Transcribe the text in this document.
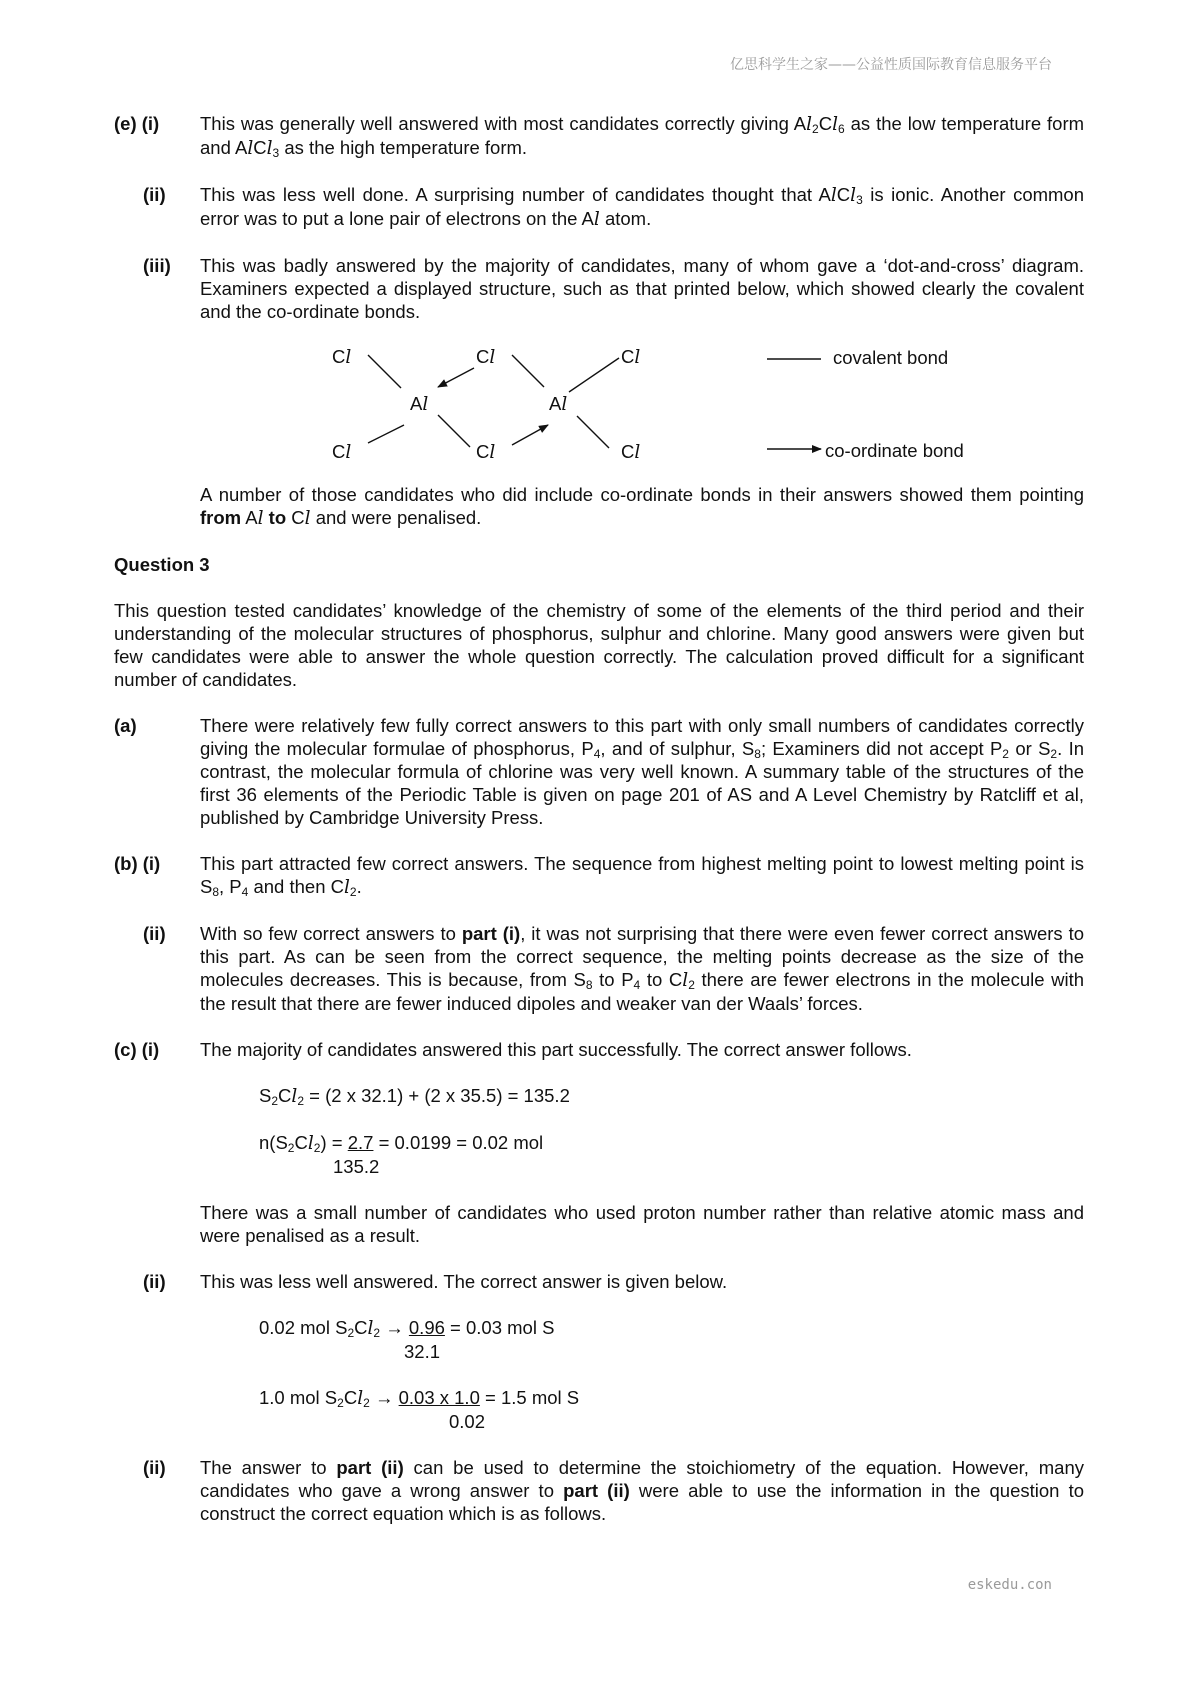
亿思科学生之家——公益性质国际教育信息服务平台
(e) (i)	This was generally well answered with most candidates correctly giving $Al_2Cl_6$ as the low temperature form and AlCl$_3$ as the high temperature form.
(ii)	This was less well done. A surprising number of candidates thought that AlCl$_3$ is ionic. Another common error was to put a lone pair of electrons on the Al atom.
(iii)	This was badly answered by the majority of candidates, many of whom gave a ‘dot-and-cross’ diagram. Examiners expected a displayed structure, such as that printed below, which showed clearly the covalent and the co-ordinate bonds.
Cl	Cl	Cl
Al	Al
Cl	Cl	Cl
covalent bond
co-ordinate bond
A number of those candidates who did include co-ordinate bonds in their answers showed them pointing from Al to Cl and were penalised.
Question 3
This question tested candidates’ knowledge of the chemistry of some of the elements of the third period and their understanding of the molecular structures of phosphorus, sulphur and chlorine. Many good answers were given but few candidates were able to answer the whole question correctly. The calculation proved difficult for a significant number of candidates.
(a)	There were relatively few fully correct answers to this part with only small numbers of candidates correctly giving the molecular formulae of phosphorus, $P_4$, and of sulphur, $S_8$; Examiners did not accept $P_2$ or $S_2$. In contrast, the molecular formula of chlorine was very well known. A summary table of the structures of the first 36 elements of the Periodic Table is given on page 201 of AS and A Level Chemistry by Ratcliff et al, published by Cambridge University Press.
(b) (i)	This part attracted few correct answers. The sequence from highest melting point to lowest melting point is $S_8$, $P_4$ and then $Cl_2$.
(ii)	With so few correct answers to part (i), it was not surprising that there were even fewer correct answers to this part. As can be seen from the correct sequence, the melting points decrease as the size of the molecules decreases. This is because, from $S_8$ to $P_4$ to $Cl_2$ there are fewer electrons in the molecule with the result that there are fewer induced dipoles and weaker van der Waals’ forces.
(c) (i)	The majority of candidates answered this part successfully. The correct answer follows.
$S_2Cl_2 = (2$ x 32.1) + (2 x 35.5) = 135.2
$n(S_2Cl_2) = 2.7 = 0.0199 = 0.02$ mol
135.2
There was a small number of candidates who used proton number rather than relative atomic mass and were penalised as a result.
(ii)	This was less well answered. The correct answer is given below.
0.02 mol $S_2Cl_2 \to 0.96 = 0.03$ mol S
32.1
1.0 mol $S_2Cl_2 \to 0.03$ x 1.0 = 1.5 mol S
0.02
(ii)	The answer to part (ii) can be used to determine the stoichiometry of the equation. However, many candidates who gave a wrong answer to part (ii) were able to use the information in the question to construct the correct equation which is as follows.
eskedu.con
